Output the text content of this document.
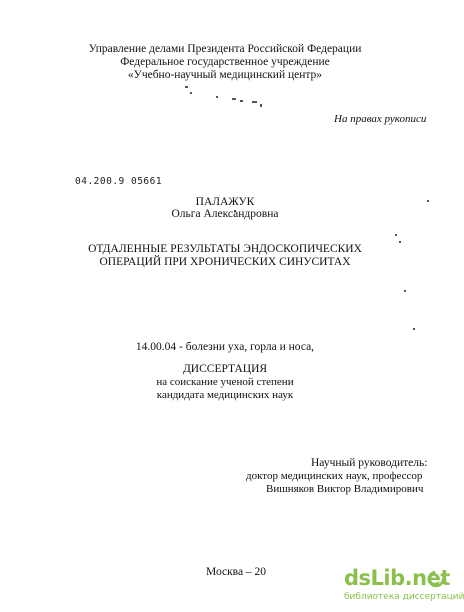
Управление делами Президента Российской Федерации

Федеральное государственное учреждение

«Учебно-научный медицинский центр»

На правах рукописи

04.200.9 05661

ПАЛАЖУК

Ольга Александровна

ОТДАЛЕННЫЕ РЕЗУЛЬТАТЫ ЭНДОСКОПИЧЕСКИХ

ОПЕРАЦИЙ ПРИ ХРОНИЧЕСКИХ СИНУСИТАХ

14.00.04 - болезни уха, горла и носа,

ДИССЕРТАЦИЯ

на соискание ученой степени

кандидата медицинских наук

Научный руководитель:

доктор медицинских наук, профессор

Вишняков Виктор Владимирович

Москва – 20	dsLib.net
библиотека диссертаций
